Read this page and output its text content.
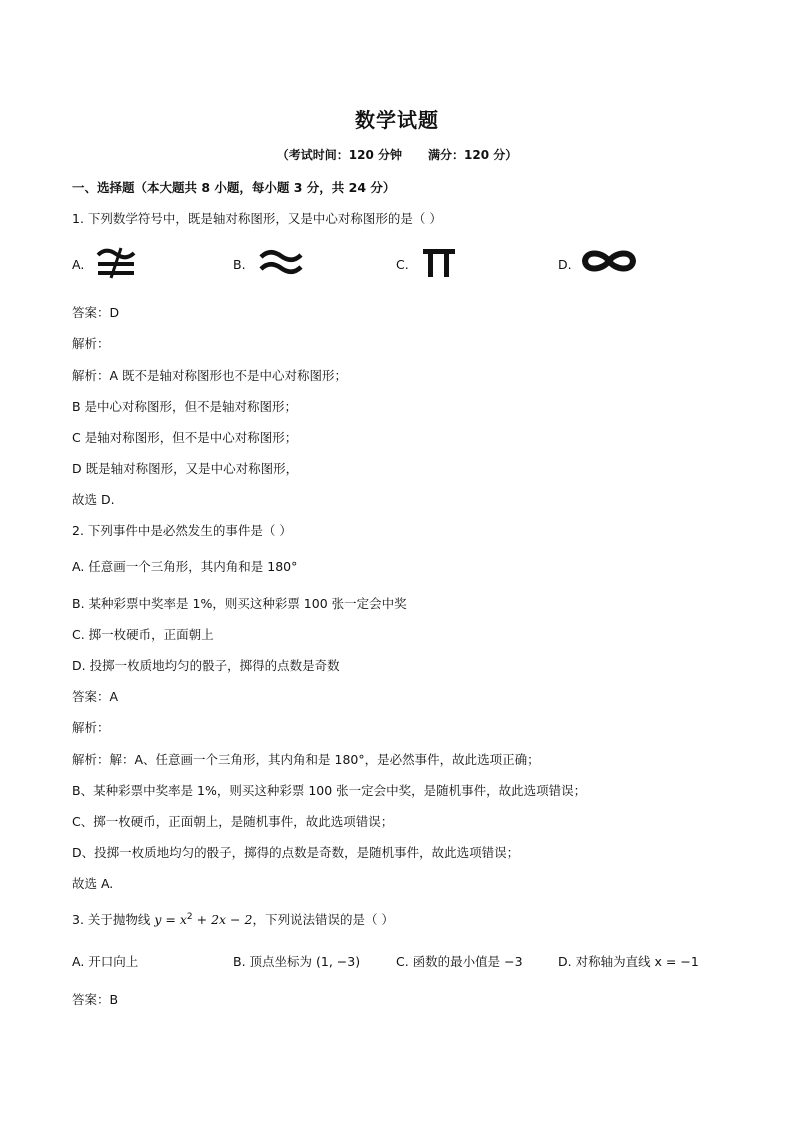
数学试题
（考试时间：120 分钟 满分：120 分）
一、选择题（本大题共 8 小题，每小题 3 分，共 24 分）
1. 下列数学符号中，既是轴对称图形，又是中心对称图形的是（ ）
A.	B.	C.	D.
答案：D
解析：
解析：A 既不是轴对称图形也不是中心对称图形；
B 是中心对称图形，但不是轴对称图形；
C 是轴对称图形，但不是中心对称图形；
D 既是轴对称图形，又是中心对称图形，
故选 D.
2. 下列事件中是必然发生的事件是（ ）
A. 任意画一个三角形，其内角和是 180°
B. 某种彩票中奖率是 1%，则买这种彩票 100 张一定会中奖
C. 掷一枚硬币，正面朝上
D. 投掷一枚质地均匀的骰子，掷得的点数是奇数
答案：A
解析：
解析：解：A、任意画一个三角形，其内角和是 180°，是必然事件，故此选项正确；
B、某种彩票中奖率是 1%，则买这种彩票 100 张一定会中奖，是随机事件，故此选项错误；
C、掷一枚硬币，正面朝上，是随机事件，故此选项错误；
D、投掷一枚质地均匀的骰子，掷得的点数是奇数，是随机事件，故此选项错误；
故选 A.
3. 关于抛物线 $y = x^2 + 2x - 2$，下列说法错误的是（ ）
A. 开口向上	B. 顶点坐标为 (1, −3)	C. 函数的最小值是 −3	D. 对称轴为直线 x = −1
答案：B
